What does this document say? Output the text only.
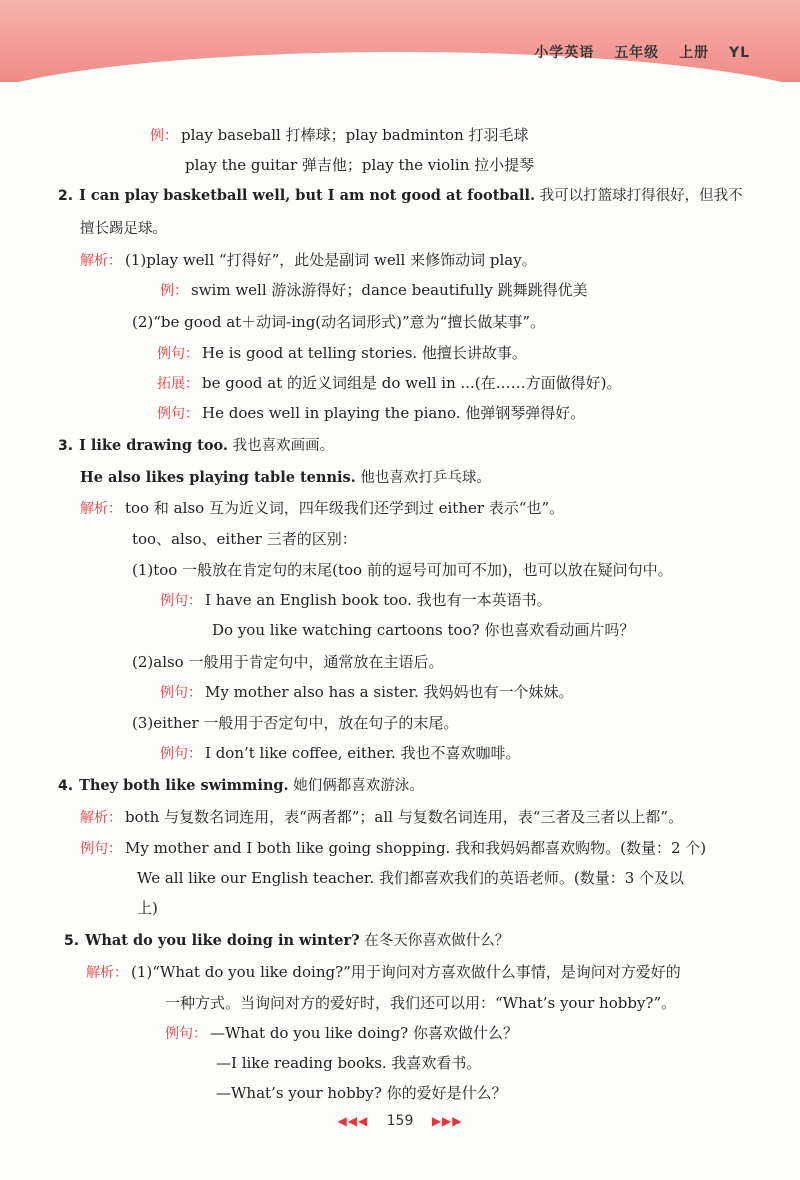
小学英语 五年级 上册 YL
例： play baseball 打棒球；play badminton 打羽毛球
play the guitar 弹吉他；play the violin 拉小提琴
2. I can play basketball well, but I am not good at football. 我可以打篮球打得很好，但我不
擅长踢足球。
解析： (1)play well “打得好”，此处是副词 well 来修饰动词 play。
例： swim well 游泳游得好；dance beautifully 跳舞跳得优美
(2)“be good at＋动词-ing(动名词形式)”意为“擅长做某事”。
例句： He is good at telling stories. 他擅长讲故事。
拓展： be good at 的近义词组是 do well in ...(在……方面做得好)。
例句： He does well in playing the piano. 他弹钢琴弹得好。
3. I like drawing too. 我也喜欢画画。
He also likes playing table tennis. 他也喜欢打乒乓球。
解析： too 和 also 互为近义词，四年级我们还学到过 either 表示“也”。
too、also、either 三者的区别：
(1)too 一般放在肯定句的末尾(too 前的逗号可加可不加)，也可以放在疑问句中。
例句： I have an English book too. 我也有一本英语书。
Do you like watching cartoons too? 你也喜欢看动画片吗？
(2)also 一般用于肯定句中，通常放在主语后。
例句： My mother also has a sister. 我妈妈也有一个妹妹。
(3)either 一般用于否定句中，放在句子的末尾。
例句： I don’t like coffee, either. 我也不喜欢咖啡。
4. They both like swimming. 她们俩都喜欢游泳。
解析： both 与复数名词连用，表“两者都”；all 与复数名词连用，表“三者及三者以上都”。
例句： My mother and I both like going shopping. 我和我妈妈都喜欢购物。(数量：2 个)
We all like our English teacher. 我们都喜欢我们的英语老师。(数量：3 个及以
上)
5. What do you like doing in winter? 在冬天你喜欢做什么？
解析： (1)“What do you like doing?”用于询问对方喜欢做什么事情，是询问对方爱好的
一种方式。当询问对方的爱好时，我们还可以用：“What’s your hobby?”。
例句： —What do you like doing? 你喜欢做什么？
—I like reading books. 我喜欢看书。
—What’s your hobby? 你的爱好是什么？
◀◀◀ 159 ▶▶▶
